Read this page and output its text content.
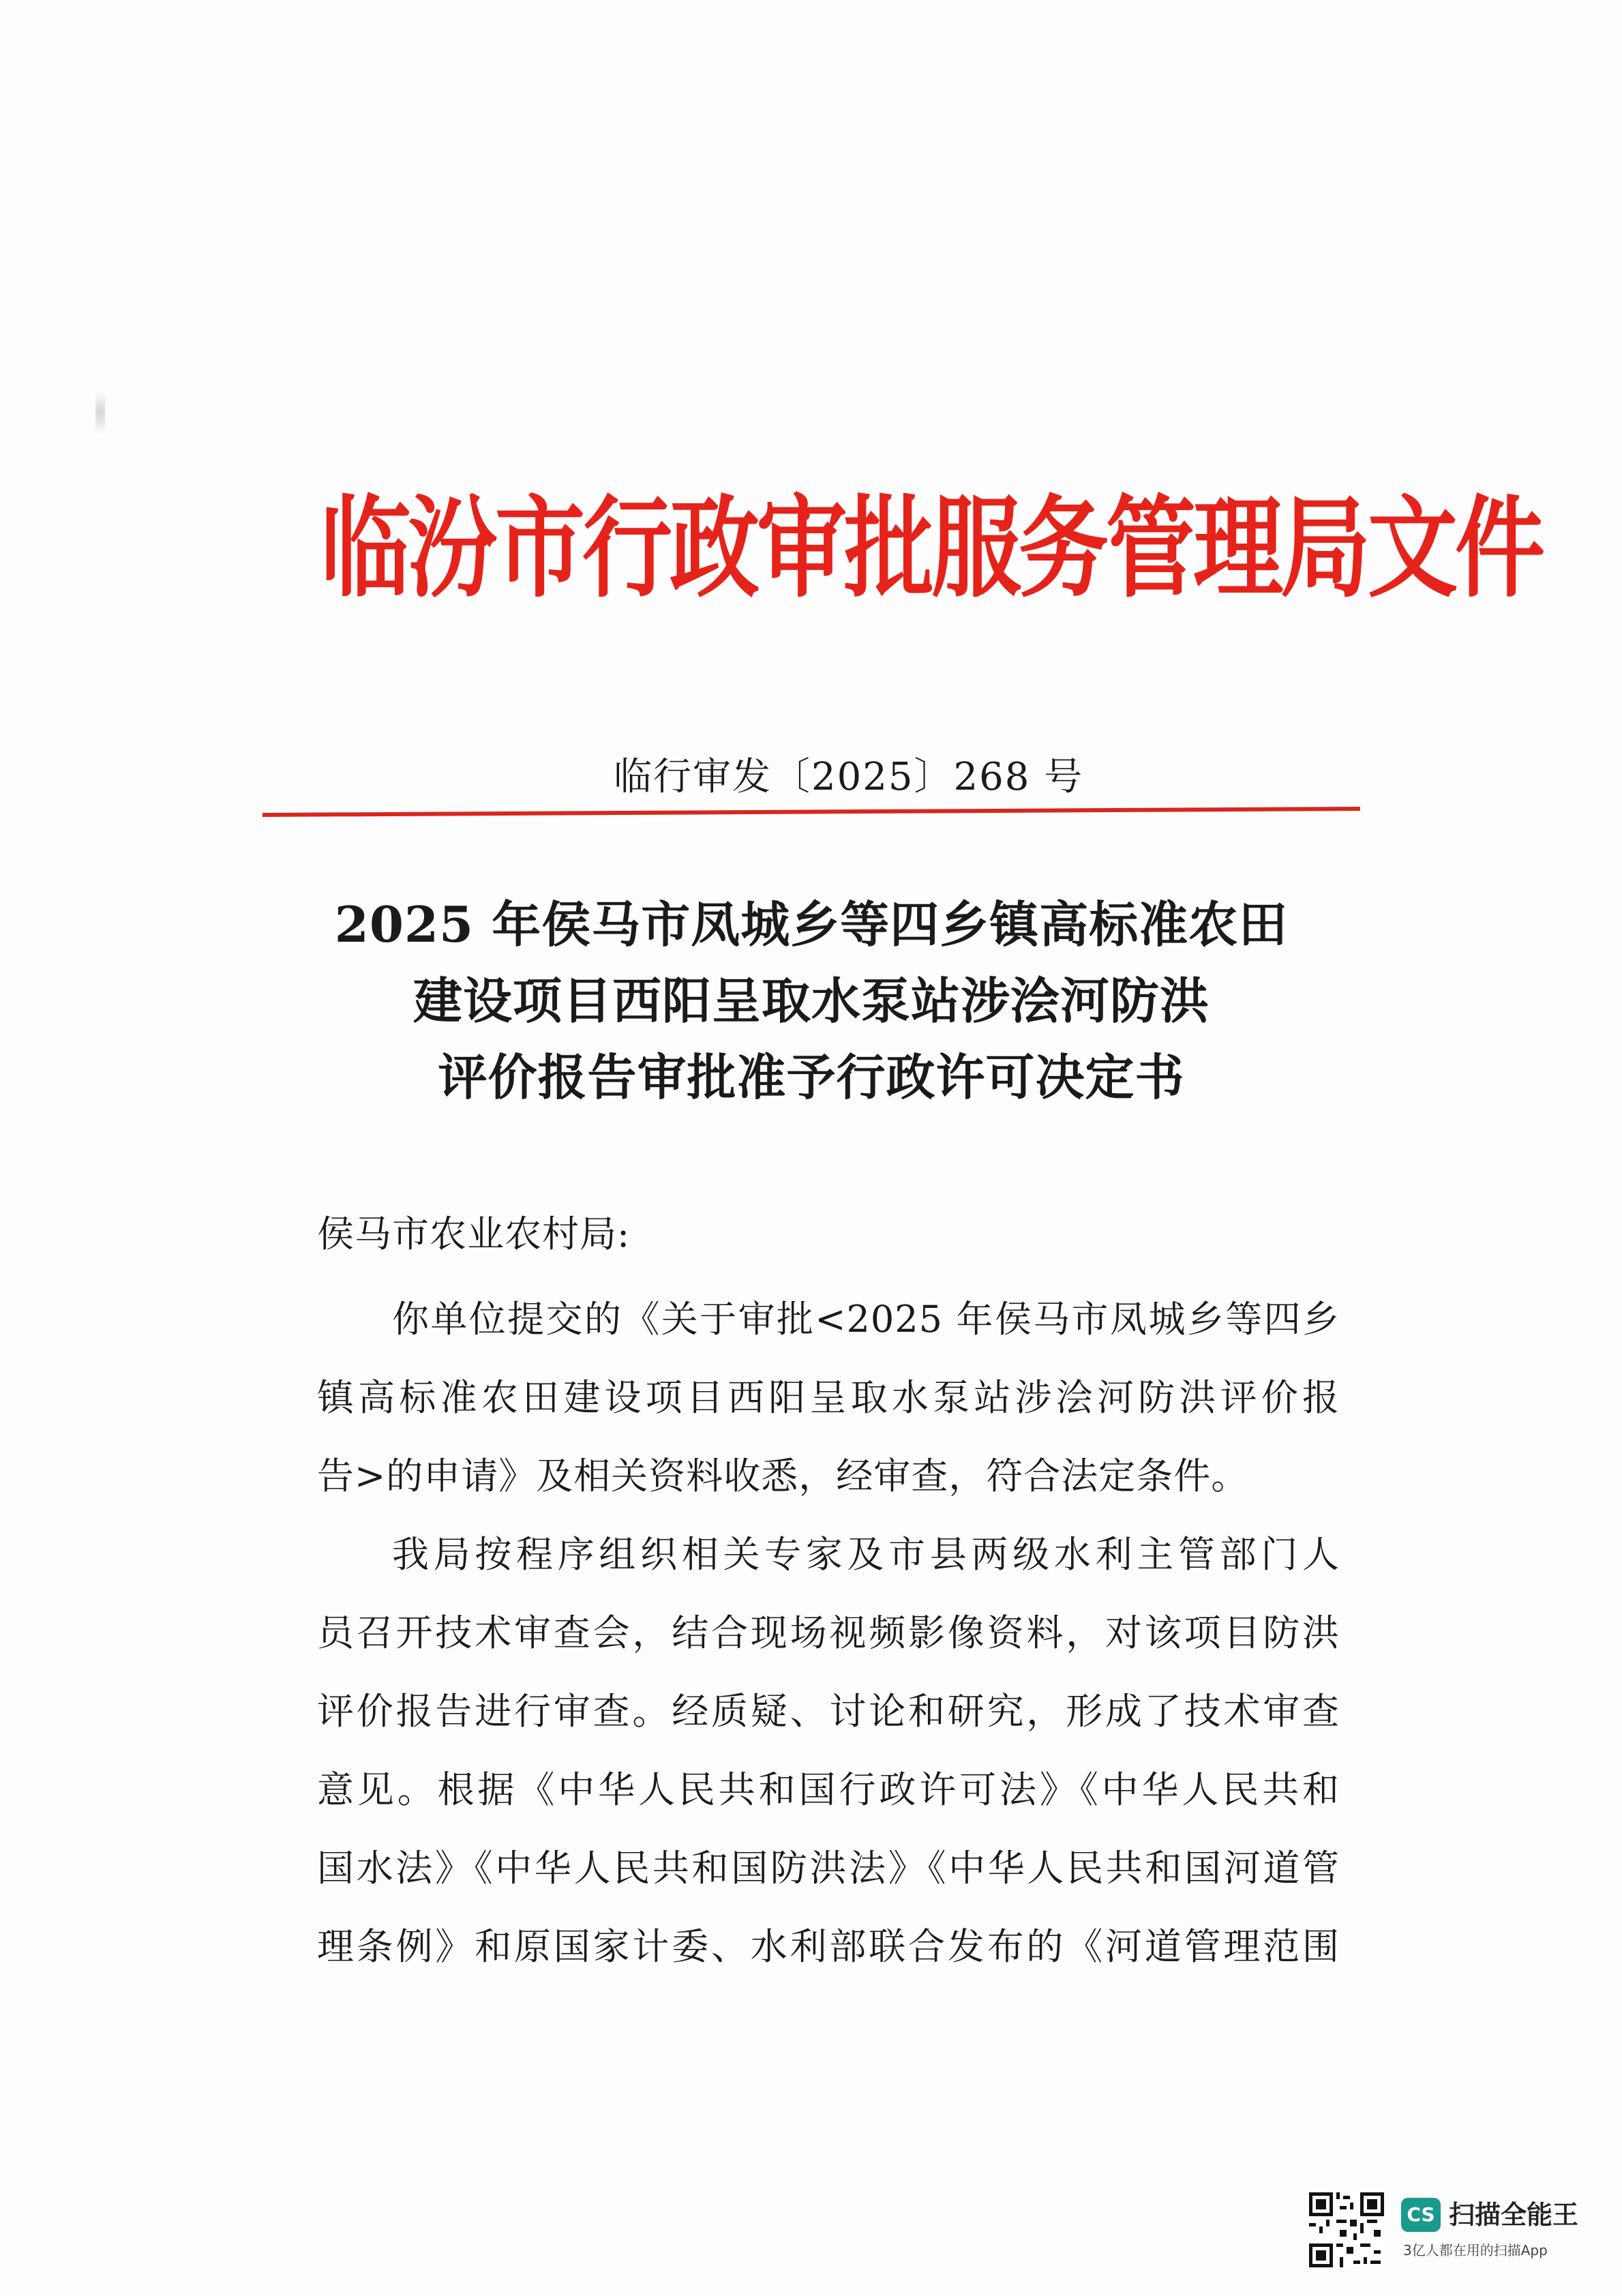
临汾市行政审批服务管理局文件
临行审发〔2025〕268 号
2025 年侯马市凤城乡等四乡镇高标准农田
建设项目西阳呈取水泵站涉浍河防洪
评价报告审批准予行政许可决定书
侯马市农业农村局:
你单位提交的《关于审批<2025 年侯马市凤城乡等四乡
镇高标准农田建设项目西阳呈取水泵站涉浍河防洪评价报
告>的申请》及相关资料收悉，经审查，符合法定条件。
我局按程序组织相关专家及市县两级水利主管部门人
员召开技术审查会，结合现场视频影像资料，对该项目防洪
评价报告进行审查。经质疑、讨论和研究，形成了技术审查
意见。根据《中华人民共和国行政许可法》《中华人民共和
国水法》《中华人民共和国防洪法》《中华人民共和国河道管
理条例》和原国家计委、水利部联合发布的《河道管理范围
CS 扫描全能王
3亿人都在用的扫描App
